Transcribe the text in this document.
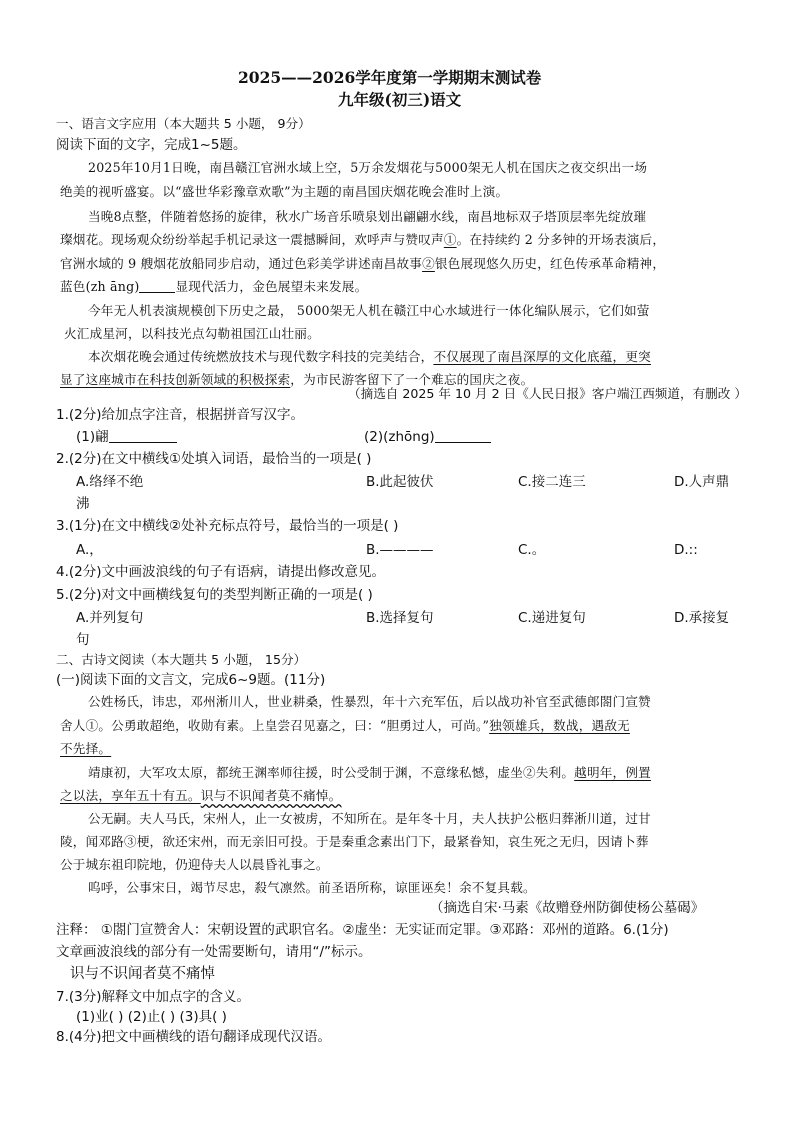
2025——2026学年度第一学期期末测试卷
九年级(初三)语文
一、语言文字应用（本大题共 5 小题， 9分）
阅读下面的文字，完成1~5题。
2025年10月1日晚，南昌赣江官洲水域上空，5万余发烟花与5000架无人机在国庆之夜交织出一场
绝美的视听盛宴。以“盛世华彩豫章欢歌”为主题的南昌国庆烟花晚会准时上演。
当晚8点整，伴随着悠扬的旋律，秋水广场音乐喷泉划出翩翩水线，南昌地标双子塔顶层率先绽放璀
璨烟花。现场观众纷纷举起手机记录这一震撼瞬间，欢呼声与赞叹声①。在持续约 2 分多钟的开场表演后，
官洲水域的 9 艘烟花放船同步启动，通过色彩美学讲述南昌故事②银色展现悠久历史，红色传承革命精神，
蓝色(zh āng)	显现代活力，金色展望未来发展。
今年无人机表演规模创下历史之最， 5000架无人机在赣江中心水域进行一体化编队展示，它们如萤
火汇成星河，以科技光点勾勒祖国江山壮丽。
本次烟花晚会通过传统燃放技术与现代数字科技的完美结合，不仅展现了南昌深厚的文化底蕴，更突
显了这座城市在科技创新领域的积极探索，为市民游客留下了一个难忘的国庆之夜。
（摘选自 2025 年 10 月 2 日《人民日报》客户端江西频道，有删改 ）
1.(2分)给加点字注音，根据拼音写汉字。
(1)翩	(2)(zhōng)
2.(2分)在文中横线①处填入词语，最恰当的一项是( )
A.络绎不绝	B.此起彼伏	C.接二连三	D.人声鼎
沸
3.(1分)在文中横线②处补充标点符号，最恰当的一项是( )
A.，	B.————	C.。	D.::
4.(2分)文中画波浪线的句子有语病，请提出修改意见。
5.(2分)对文中画横线复句的类型判断正确的一项是( )
A.并列复句	B.选择复句	C.递进复句	D.承接复
句
二、古诗文阅读（本大题共 5 小题， 15分）
(一)阅读下面的文言文，完成6~9题。(11分)
公姓杨氏，讳忠，邓州淅川人，世业耕桑，性暴烈，年十六充军伍，后以战功补官至武德郎閤门宣赞
舍人①。公勇敢超绝，收勋有素。上皇尝召见嘉之，曰：“胆勇过人，可尚。”独领雄兵，数战，遇敌无
不先择。
靖康初，大军攻太原，都统王渊率师往援，时公受制于渊，不意缘私憾，虚坐②失利。越明年，例置
之以法，享年五十有五。识与不识闻者莫不痛悼。
公无嗣。夫人马氏，宋州人，止一女被虏，不知所在。是年冬十月，夫人扶护公柩归葬淅川道，过甘
陵，闻邓路③梗，欲还宋州，而无亲旧可投。于是秦重念素出门下，最紧眷知，哀生死之无归，因请卜葬
公于城东祖印院地，仍迎侍夫人以晨昏礼事之。
呜呼，公事宋日，竭节尽忠，殺气凛然。前圣语所称，谅匪诬矣！余不复具载。
（摘选自宋·马素《故赠登州防御使杨公墓碣》
注释： ①閤门宣赞舍人：宋朝设置的武职官名。②虚坐：无实证而定罪。③邓路：邓州的道路。6.(1分)
文章画波浪线的部分有一处需要断句，请用“/”标示。
识与不识闻者莫不痛悼
7.(3分)解释文中加点字的含义。
(1)业( ) (2)止( ) (3)具( )
8.(4分)把文中画横线的语句翻译成现代汉语。
